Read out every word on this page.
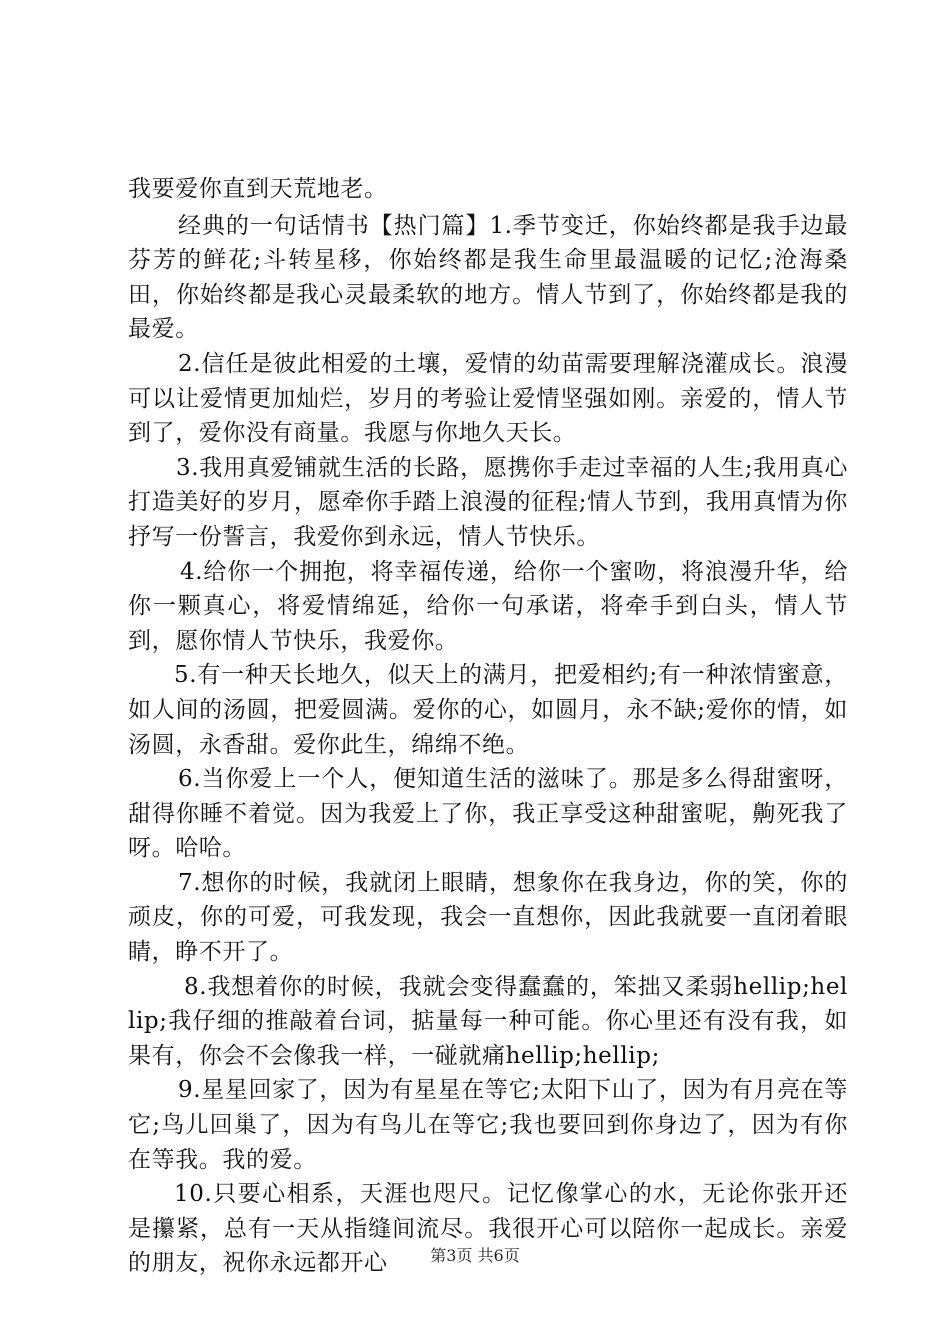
我要爱你直到天荒地老。

经典的一句话情书【热门篇】1.季节变迁，你始终都是我手边最芬芳的鲜花;斗转星移，你始终都是我生命里最温暖的记忆;沧海桑田，你始终都是我心灵最柔软的地方。情人节到了，你始终都是我的最爱。

2.信任是彼此相爱的土壤，爱情的幼苗需要理解浇灌成长。浪漫可以让爱情更加灿烂，岁月的考验让爱情坚强如刚。亲爱的，情人节到了，爱你没有商量。我愿与你地久天长。

3.我用真爱铺就生活的长路，愿携你手走过幸福的人生;我用真心打造美好的岁月，愿牵你手踏上浪漫的征程;情人节到，我用真情为你抒写一份誓言，我爱你到永远，情人节快乐。

4.给你一个拥抱，将幸福传递，给你一个蜜吻，将浪漫升华，给你一颗真心，将爱情绵延，给你一句承诺，将牵手到白头，情人节到，愿你情人节快乐，我爱你。

5.有一种天长地久，似天上的满月，把爱相约;有一种浓情蜜意，如人间的汤圆，把爱圆满。爱你的心，如圆月，永不缺;爱你的情，如汤圆，永香甜。爱你此生，绵绵不绝。

6.当你爱上一个人，便知道生活的滋味了。那是多么得甜蜜呀，甜得你睡不着觉。因为我爱上了你，我正享受这种甜蜜呢，齁死我了呀。哈哈。

7.想你的时候，我就闭上眼睛，想象你在我身边，你的笑，你的顽皮，你的可爱，可我发现，我会一直想你，因此我就要一直闭着眼睛，睁不开了。

8.我想着你的时候，我就会变得蠢蠢的，笨拙又柔弱hellip;hellip;我仔细的推敲着台词，掂量每一种可能。你心里还有没有我，如果有，你会不会像我一样，一碰就痛hellip;hellip;

9.星星回家了，因为有星星在等它;太阳下山了，因为有月亮在等它;鸟儿回巢了，因为有鸟儿在等它;我也要回到你身边了，因为有你在等我。我的爱。

10.只要心相系，天涯也咫尺。记忆像掌心的水，无论你张开还是攥紧，总有一天从指缝间流尽。我很开心可以陪你一起成长。亲爱的朋友，祝你永远都开心	第3页 共6页
